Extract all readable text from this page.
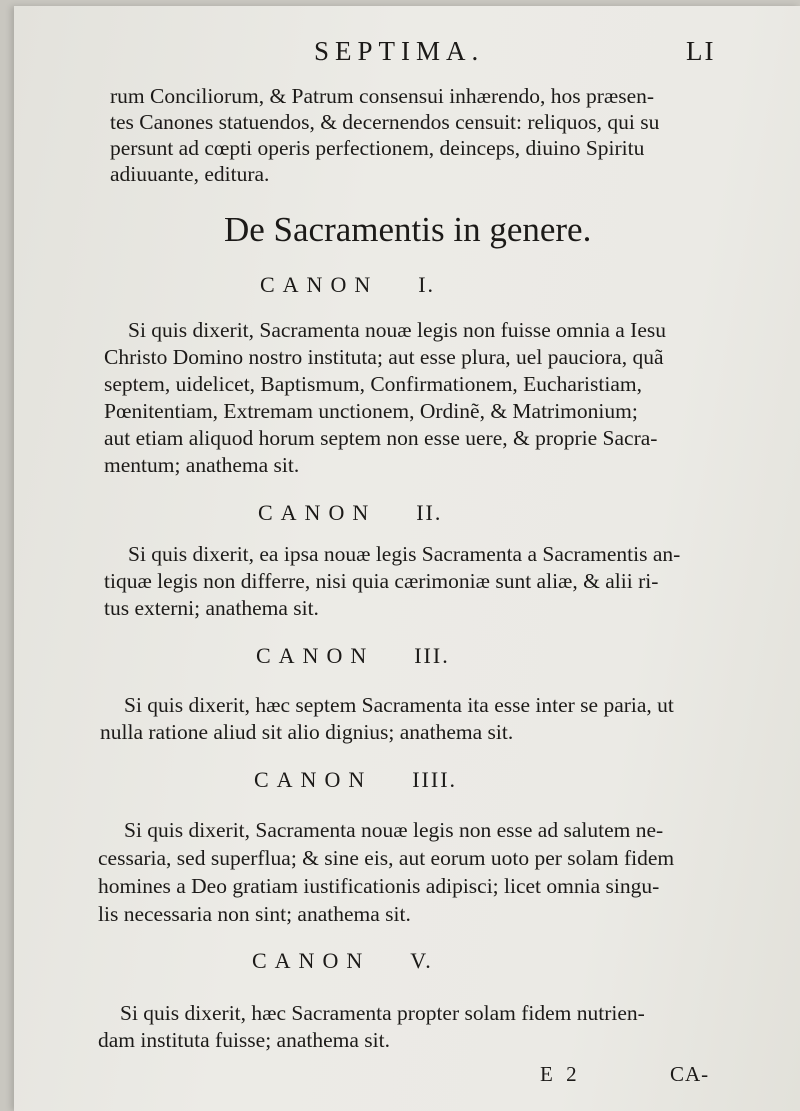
SEPTIMA.	LI
rum Conciliorum, & Patrum consensui inhærendo, hos præsen-
tes Canones statuendos, & decernendos censuit: reliquos, qui su
persunt ad cœpti operis perfectionem, deinceps, diuino Spiritu
adiuuante, editura.
De Sacramentis in genere.
CANON I.
Si quis dixerit, Sacramenta nouæ legis non fuisse omnia a Iesu
Christo Domino nostro instituta; aut esse plura, uel pauciora, quã
septem, uidelicet, Baptismum, Confirmationem, Eucharistiam,
Pœnitentiam, Extremam unctionem, Ordinẽ, & Matrimonium;
aut etiam aliquod horum septem non esse uere, & proprie Sacra-
mentum; anathema sit.
CANON II.
Si quis dixerit, ea ipsa nouæ legis Sacramenta a Sacramentis an-
tiquæ legis non differre, nisi quia cærimoniæ sunt aliæ, & alii ri-
tus externi; anathema sit.
CANON III.
Si quis dixerit, hæc septem Sacramenta ita esse inter se paria, ut
nulla ratione aliud sit alio dignius; anathema sit.
CANON IIII.
Si quis dixerit, Sacramenta nouæ legis non esse ad salutem ne-
cessaria, sed superflua; & sine eis, aut eorum uoto per solam fidem
homines a Deo gratiam iustificationis adipisci; licet omnia singu-
lis necessaria non sint; anathema sit.
CANON V.
Si quis dixerit, hæc Sacramenta propter solam fidem nutrien-
dam instituta fuisse; anathema sit.
E 2	CA-
